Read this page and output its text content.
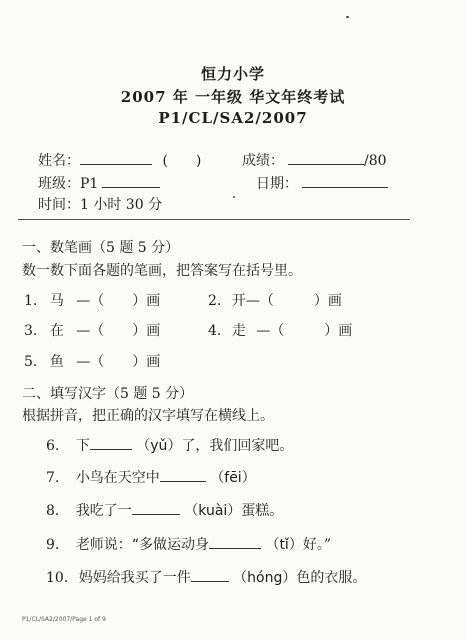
恒力小学
2007 年 一年级 华文年终考试
P1/CL/SA2/2007
姓名：	(　　)	成绩：	/80
班级：P1	日期：
时间：1 小时 30 分
一、数笔画（5 题 5 分）
数一数下面各题的笔画，把答案写在括号里。
1. 马 —（ ）画	2. 开—（	）画
3. 在 —（ ）画	4. 走 —（	）画
5. 鱼 —（ ）画
二、填写汉字（5 题 5 分）
根据拼音，把正确的汉字填写在横线上。
6. 下	（yǔ）了，我们回家吧。
7. 小鸟在天空中	（fēi）
8. 我吃了一	（kuài）蛋糕。
9. 老师说：“多做运动身	（tǐ）好。”
10. 妈妈给我买了一件	（hóng）色的衣服。
P1/CL/SA2/2007/Page 1 of 9
